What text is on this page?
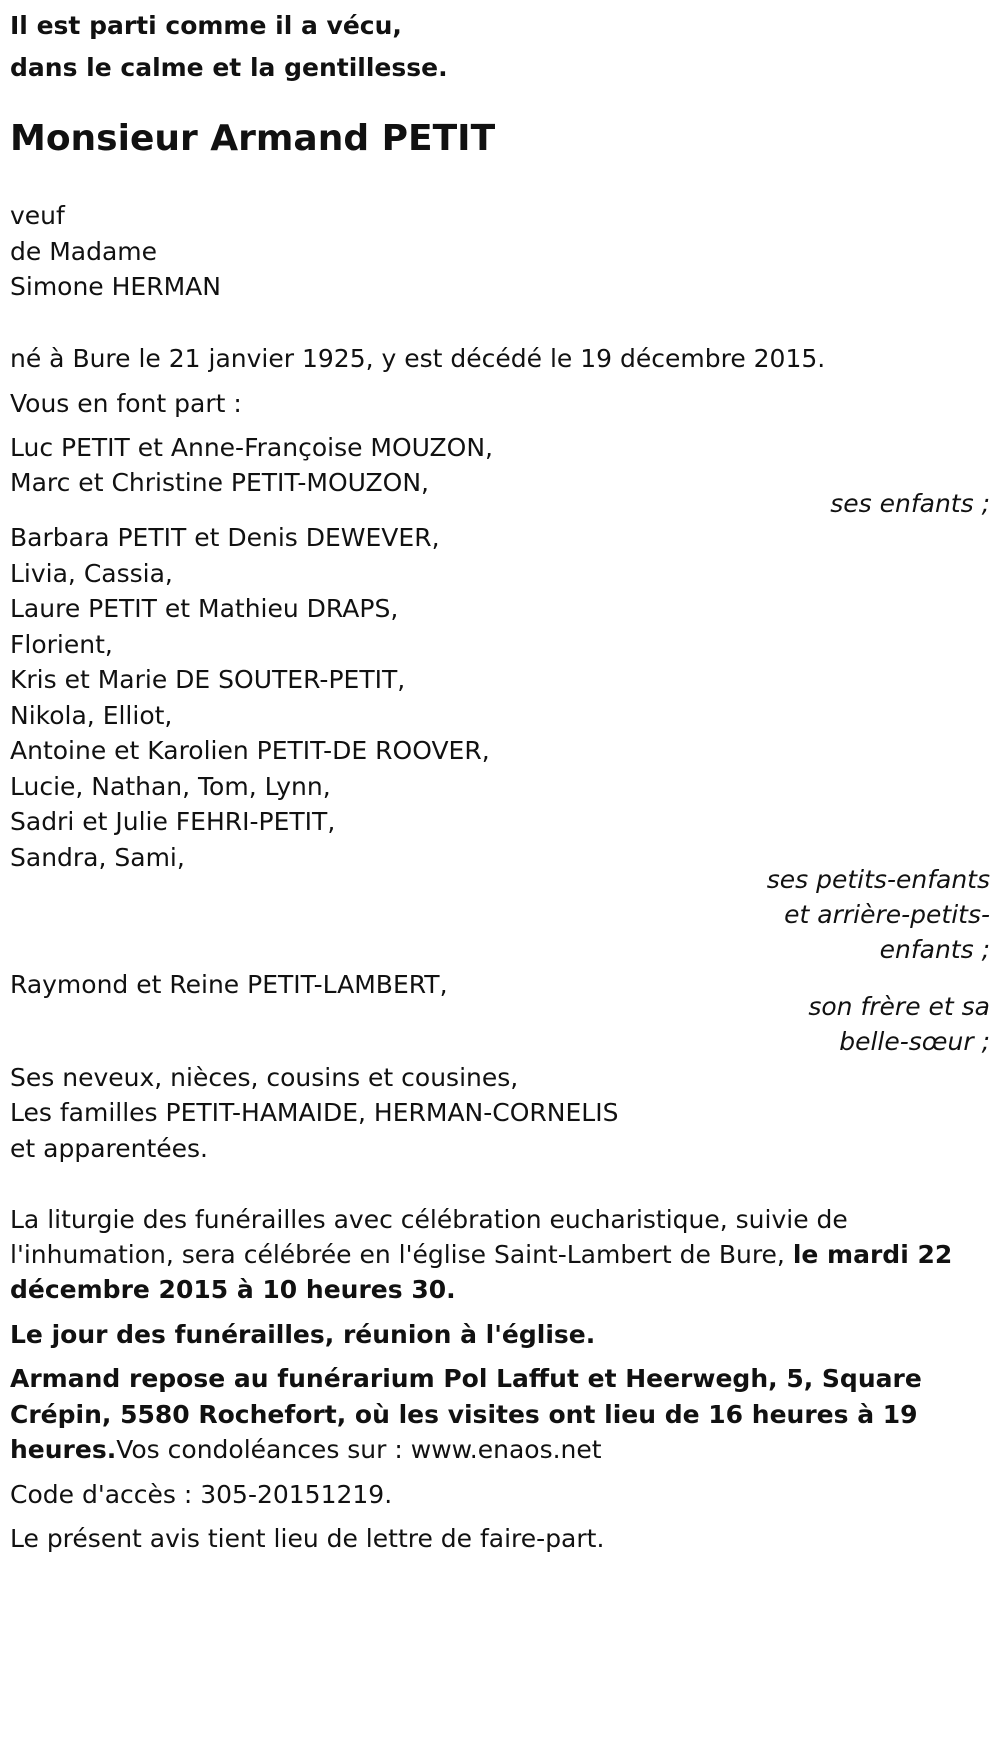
Il est parti comme il a vécu,

dans le calme et la gentillesse.

Monsieur Armand PETIT

veuf

de Madame

Simone HERMAN

né à Bure le 21 janvier 1925, y est décédé le 19 décembre 2015.

Vous en font part :

Luc PETIT et Anne-Françoise MOUZON,

Marc et Christine PETIT-MOUZON,

ses enfants ;

Barbara PETIT et Denis DEWEVER,

Livia, Cassia,

Laure PETIT et Mathieu DRAPS,

Florient,

Kris et Marie DE SOUTER-PETIT,

Nikola, Elliot,

Antoine et Karolien PETIT-DE ROOVER,

Lucie, Nathan, Tom, Lynn,

Sadri et Julie FEHRI-PETIT,

Sandra, Sami,

ses petits-enfants

et arrière-petits-

enfants ;

Raymond et Reine PETIT-LAMBERT,

son frère et sa

belle-sœur ;

Ses neveux, nièces, cousins et cousines,

Les familles PETIT-HAMAIDE, HERMAN-CORNELIS

et apparentées.

La liturgie des funérailles avec célébration eucharistique, suivie de

l'inhumation, sera célébrée en l'église Saint-Lambert de Bure, le mardi 22

décembre 2015 à 10 heures 30.

Le jour des funérailles, réunion à l'église.

Armand repose au funérarium Pol Laffut et Heerwegh, 5, Square

Crépin, 5580 Rochefort, où les visites ont lieu de 16 heures à 19

heures.Vos condoléances sur : www.enaos.net

Code d'accès : 305-20151219.

Le présent avis tient lieu de lettre de faire-part.
